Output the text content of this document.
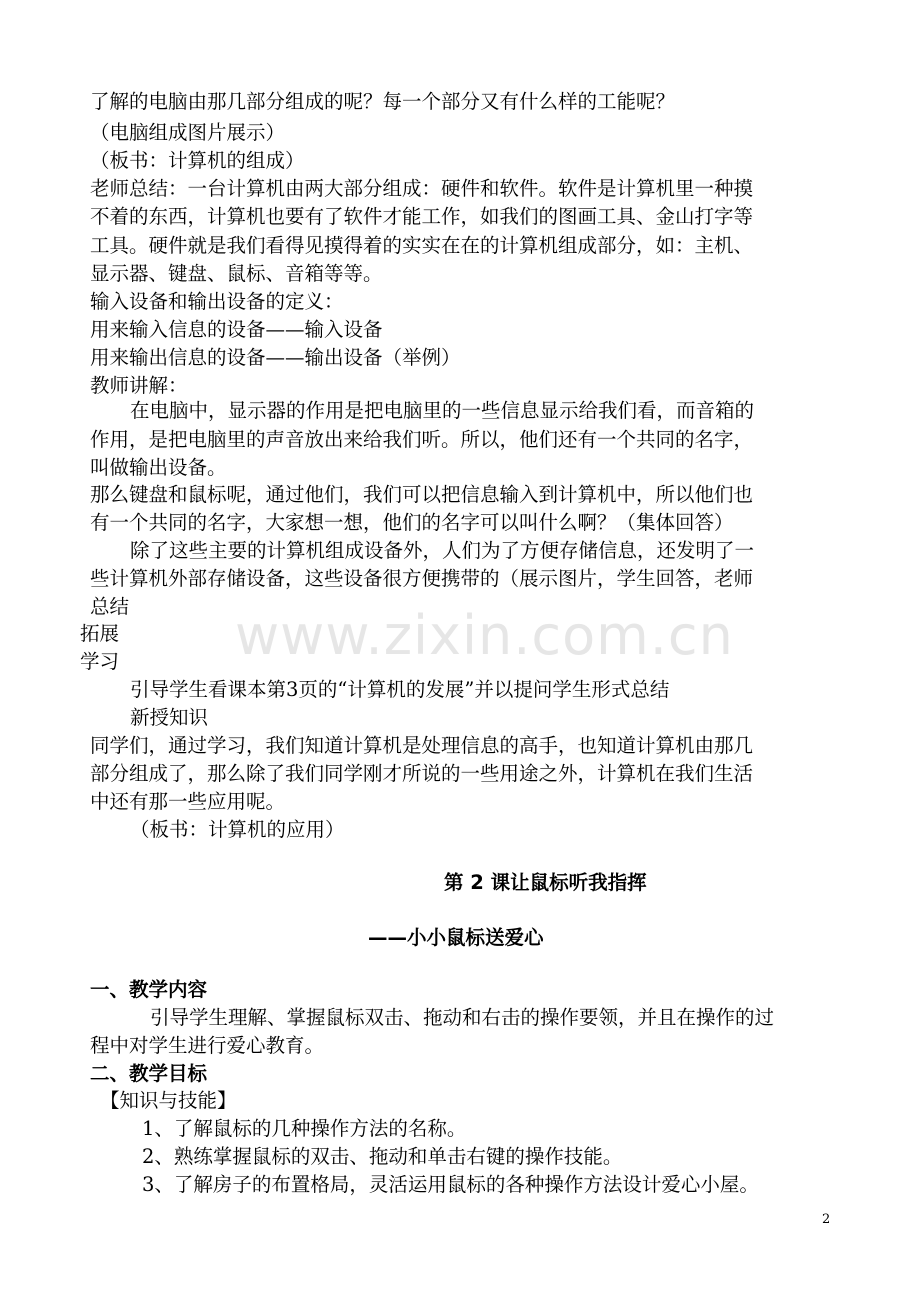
www.zixin.com.cn
了解的电脑由那几部分组成的呢？每一个部分又有什么样的工能呢？
（电脑组成图片展示）
（板书：计算机的组成）
老师总结：一台计算机由两大部分组成：硬件和软件。软件是计算机里一种摸
不着的东西，计算机也要有了软件才能工作，如我们的图画工具、金山打字等
工具。硬件就是我们看得见摸得着的实实在在的计算机组成部分，如：主机、
显示器、键盘、鼠标、音箱等等。
输入设备和输出设备的定义：
用来输入信息的设备——输入设备
用来输出信息的设备——输出设备（举例）
教师讲解：
在电脑中，显示器的作用是把电脑里的一些信息显示给我们看，而音箱的
作用，是把电脑里的声音放出来给我们听。所以，他们还有一个共同的名字，
叫做输出设备。
那么键盘和鼠标呢，通过他们，我们可以把信息输入到计算机中，所以他们也
有一个共同的名字，大家想一想，他们的名字可以叫什么啊？（集体回答）
除了这些主要的计算机组成设备外，人们为了方便存储信息，还发明了一
些计算机外部存储设备，这些设备很方便携带的（展示图片，学生回答，老师
总结
拓展
学习
引导学生看课本第3页的“计算机的发展”并以提问学生形式总结
新授知识
同学们，通过学习，我们知道计算机是处理信息的高手，也知道计算机由那几
部分组成了，那么除了我们同学刚才所说的一些用途之外，计算机在我们生活
中还有那一些应用呢。
（板书：计算机的应用）
第 2 课让鼠标听我指挥
——小小鼠标送爱心
一、教学内容
引导学生理解、掌握鼠标双击、拖动和右击的操作要领，并且在操作的过
程中对学生进行爱心教育。
二、教学目标
【知识与技能】
1、了解鼠标的几种操作方法的名称。
2、熟练掌握鼠标的双击、拖动和单击右键的操作技能。
3、了解房子的布置格局，灵活运用鼠标的各种操作方法设计爱心小屋。
2
